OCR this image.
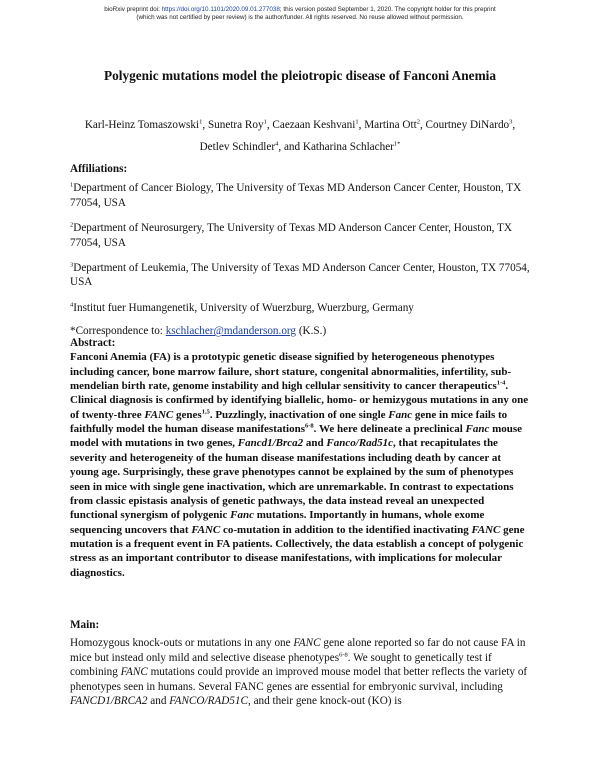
bioRxiv preprint doi: https://doi.org/10.1101/2020.09.01.277038; this version posted September 1, 2020. The copyright holder for this preprint
(which was not certified by peer review) is the author/funder. All rights reserved. No reuse allowed without permission.
Polygenic mutations model the pleiotropic disease of Fanconi Anemia
Karl-Heinz Tomaszowski$^1$, Sunetra Roy$^1$, Caezaan Keshvani$^1$, Martina Ott$^2$, Courtney DiNardo$^3$,
Detlev Schindler$^4$, and Katharina Schlacher$^{1*}$
Affiliations:
$^1$Department of Cancer Biology, The University of Texas MD Anderson Cancer Center, Houston, TX 77054, USA
$^2$Department of Neurosurgery, The University of Texas MD Anderson Cancer Center, Houston, TX 77054, USA
$^3$Department of Leukemia, The University of Texas MD Anderson Cancer Center, Houston, TX 77054, USA
$^4$Institut fuer Humangenetik, University of Wuerzburg, Wuerzburg, Germany
*Correspondence to: kschlacher@mdanderson.org (K.S.)
Abstract:
Fanconi Anemia (FA) is a prototypic genetic disease signified by heterogeneous phenotypes including cancer, bone marrow failure, short stature, congenital abnormalities, infertility, sub-mendelian birth rate, genome instability and high cellular sensitivity to cancer therapeutics$^{1-4}$. Clinical diagnosis is confirmed by identifying biallelic, homo- or hemizygous mutations in any one of twenty-three FANC genes$^{1,5}$. Puzzlingly, inactivation of one single Fanc gene in mice fails to faithfully model the human disease manifestations$^{6-8}$. We here delineate a preclinical Fanc mouse model with mutations in two genes, Fancd1/Brca2 and Fanco/Rad51c, that recapitulates the severity and heterogeneity of the human disease manifestations including death by cancer at young age. Surprisingly, these grave phenotypes cannot be explained by the sum of phenotypes seen in mice with single gene inactivation, which are unremarkable. In contrast to expectations from classic epistasis analysis of genetic pathways, the data instead reveal an unexpected functional synergism of polygenic Fanc mutations. Importantly in humans, whole exome sequencing uncovers that FANC co-mutation in addition to the identified inactivating FANC gene mutation is a frequent event in FA patients. Collectively, the data establish a concept of polygenic stress as an important contributor to disease manifestations, with implications for molecular diagnostics.
Main:
Homozygous knock-outs or mutations in any one FANC gene alone reported so far do not cause FA in mice but instead only mild and selective disease phenotypes$^{6-8}$. We sought to genetically test if combining FANC mutations could provide an improved mouse model that better reflects the variety of phenotypes seen in humans. Several FANC genes are essential for embryonic survival, including FANCD1/BRCA2 and FANCO/RAD51C, and their gene knock-out (KO) is
